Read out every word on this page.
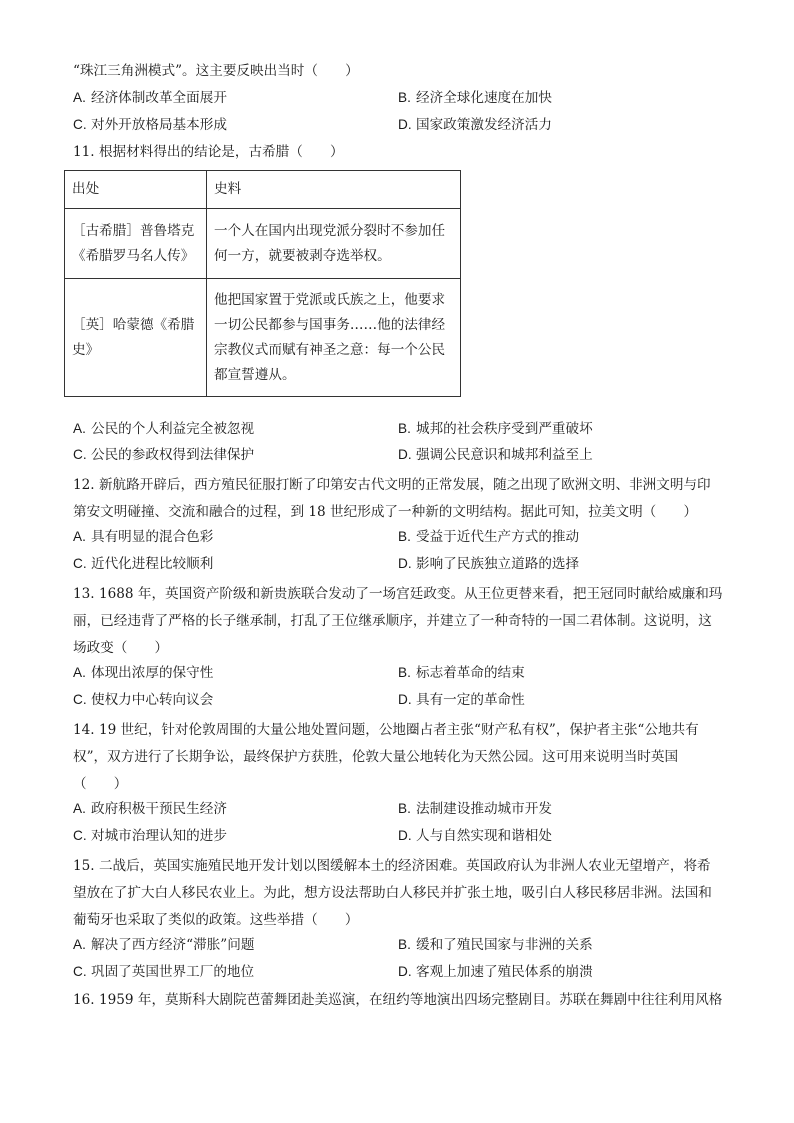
“珠江三角洲模式”。这主要反映出当时（　　）
A. 经济体制改革全面展开	B. 经济全球化速度在加快
C. 对外开放格局基本形成	D. 国家政策激发经济活力
11. 根据材料得出的结论是，古希腊（　　）
出处	史料
［古希腊］普鲁塔克《希腊罗马名人传》	一个人在国内出现党派分裂时不参加任何一方，就要被剥夺选举权。
［英］哈蒙德《希腊史》	他把国家置于党派或氏族之上，他要求一切公民都参与国事务……他的法律经宗教仪式而赋有神圣之意：每一个公民都宣誓遵从。
A. 公民的个人利益完全被忽视	B. 城邦的社会秩序受到严重破坏
C. 公民的参政权得到法律保护	D. 强调公民意识和城邦利益至上
12. 新航路开辟后，西方殖民征服打断了印第安古代文明的正常发展，随之出现了欧洲文明、非洲文明与印第安文明碰撞、交流和融合的过程，到 18 世纪形成了一种新的文明结构。据此可知，拉美文明（　　）
A. 具有明显的混合色彩	B. 受益于近代生产方式的推动
C. 近代化进程比较顺利	D. 影响了民族独立道路的选择
13. 1688 年，英国资产阶级和新贵族联合发动了一场宫廷政变。从王位更替来看，把王冠同时献给威廉和玛丽，已经违背了严格的长子继承制，打乱了王位继承顺序，并建立了一种奇特的一国二君体制。这说明，这场政变（　　）
A. 体现出浓厚的保守性	B. 标志着革命的结束
C. 使权力中心转向议会	D. 具有一定的革命性
14. 19 世纪，针对伦敦周围的大量公地处置问题，公地圈占者主张“财产私有权”，保护者主张“公地共有权”，双方进行了长期争讼，最终保护方获胜，伦敦大量公地转化为天然公园。这可用来说明当时英国（　　）
A. 政府积极干预民生经济	B. 法制建设推动城市开发
C. 对城市治理认知的进步	D. 人与自然实现和谐相处
15. 二战后，英国实施殖民地开发计划以图缓解本土的经济困难。英国政府认为非洲人农业无望增产，将希望放在了扩大白人移民农业上。为此，想方设法帮助白人移民并扩张土地，吸引白人移民移居非洲。法国和葡萄牙也采取了类似的政策。这些举措（　　）
A. 解决了西方经济“滞胀”问题	B. 缓和了殖民国家与非洲的关系
C. 巩固了英国世界工厂的地位	D. 客观上加速了殖民体系的崩溃
16. 1959 年，莫斯科大剧院芭蕾舞团赴美巡演，在纽约等地演出四场完整剧目。苏联在舞剧中往往利用风格
